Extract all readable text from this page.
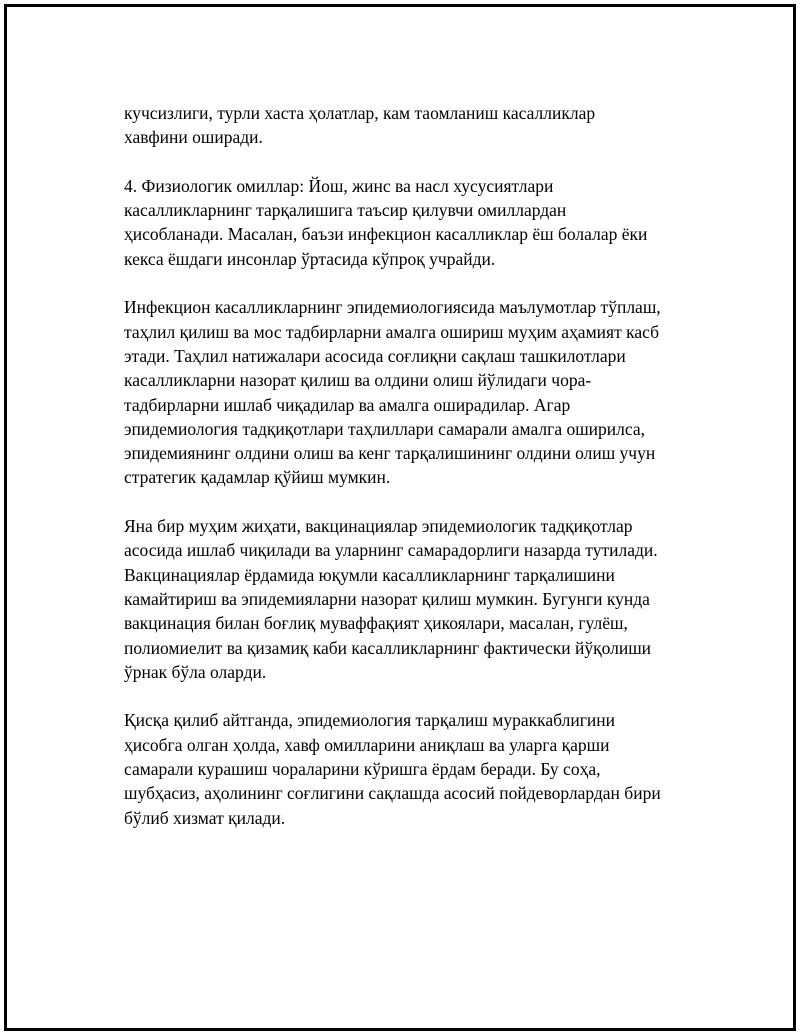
кучсизлиги, турли хаста ҳолатлар, кам таомланиш касалликлар
хавфини оширади.

4. Физиологик омиллар: Йош, жинс ва насл хусусиятлари
касалликларнинг тарқалишига таъсир қилувчи омиллардан
ҳисобланади. Масалан, баъзи инфекцион касалликлар ёш болалар ёки
кекса ёшдаги инсонлар ўртасида кўпроқ учрайди.

Инфекцион касалликларнинг эпидемиологиясида маълумотлар тўплаш,
таҳлил қилиш ва мос тадбирларни амалга ошириш муҳим аҳамият касб
этади. Таҳлил натижалари асосида соғлиқни сақлаш ташкилотлари
касалликларни назорат қилиш ва олдини олиш йўлидаги чора-
тадбирларни ишлаб чиқадилар ва амалга оширадилар. Агар
эпидемиология тадқиқотлари таҳлиллари самарали амалга оширилса,
эпидемиянинг олдини олиш ва кенг тарқалишининг олдини олиш учун
стратегик қадамлар қўйиш мумкин.

Яна бир муҳим жиҳати, вакцинациялар эпидемиологик тадқиқотлар
асосида ишлаб чиқилади ва уларнинг самарадорлиги назарда тутилади.
Вакцинациялар ёрдамида юқумли касалликларнинг тарқалишини
камайтириш ва эпидемияларни назорат қилиш мумкин. Бугунги кунда
вакцинация билан боғлиқ муваффақият ҳикоялари, масалан, гулёш,
полиомиелит ва қизамиқ каби касалликларнинг фактически йўқолиши
ўрнак бўла оларди.

Қисқа қилиб айтганда, эпидемиология тарқалиш мураккаблигини
ҳисобга олган ҳолда, хавф омилларини аниқлаш ва уларга қарши
самарали курашиш чораларини кўришга ёрдам беради. Бу соҳа,
шубҳасиз, аҳолининг соғлигини сақлашда асосий пойдеворлардан бири
бўлиб хизмат қилади.
